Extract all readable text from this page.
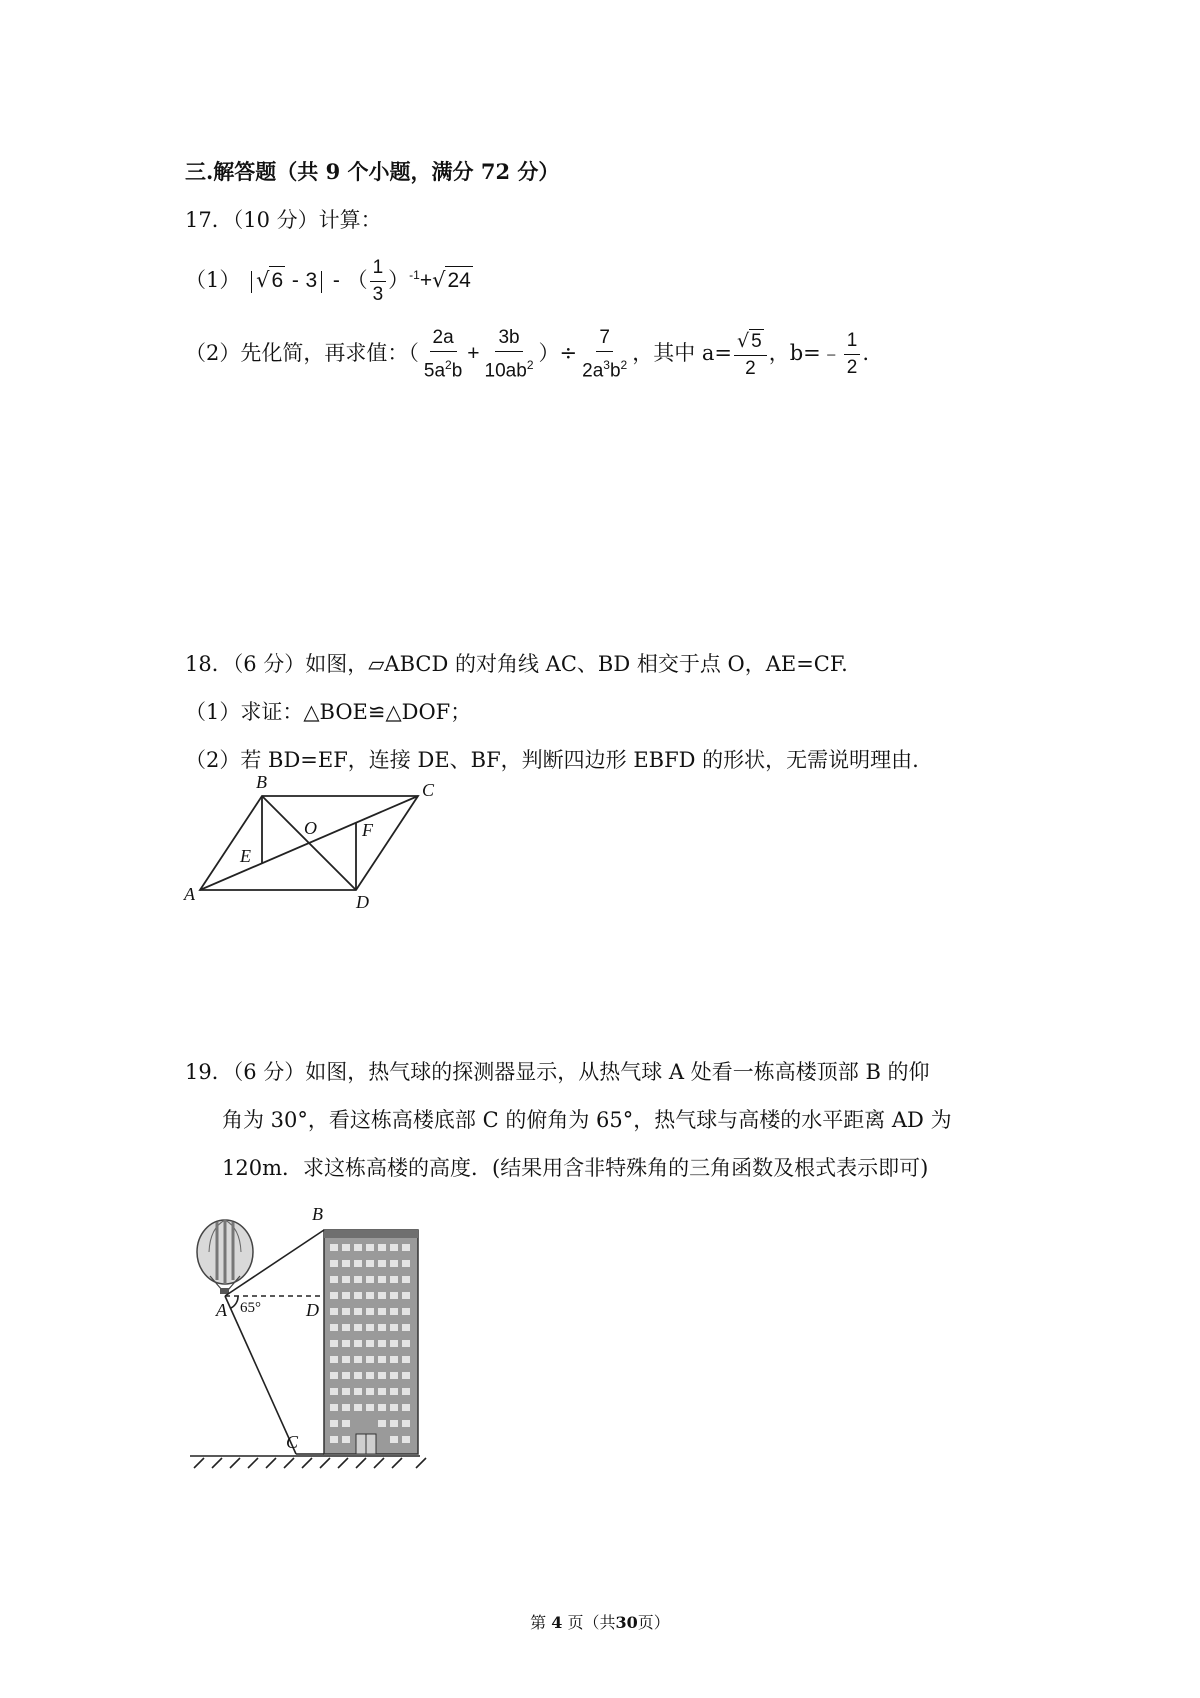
三.解答题（共 9 个小题，满分 72 分）
17．（10 分）计算：
（1） √6 - 3 - （ $\frac{1}{3} )^{-1}+√24$
（2）先化简，再求值：（ $\frac{2a}{5a^2b} + \frac{3b}{10ab^2}$ ）÷ $\frac{7}{2a^3b^2}$ ，其中 $a= \frac{√ 5}{2}$ ，b=﹣ $\frac{1}{2}$ .
18．（6 分）如图，▱ABCD 的对角线 AC、BD 相交于点 O，AE=CF.
（1）求证：△BOE≌△DOF；
（2）若 BD=EF，连接 DE、BF，判断四边形 EBFD 的形状，无需说明理由.
A
B	C
D
E
F
O
19．（6 分）如图，热气球的探测器显示，从热气球 A 处看一栋高楼顶部 B 的仰
角为 30°，看这栋高楼底部 C 的俯角为 65°，热气球与高楼的水平距离 AD 为
120m．求这栋高楼的高度．(结果用含非特殊角的三角函数及根式表示即可)
B
A	D
C
65°
第 4 页（共30页）
